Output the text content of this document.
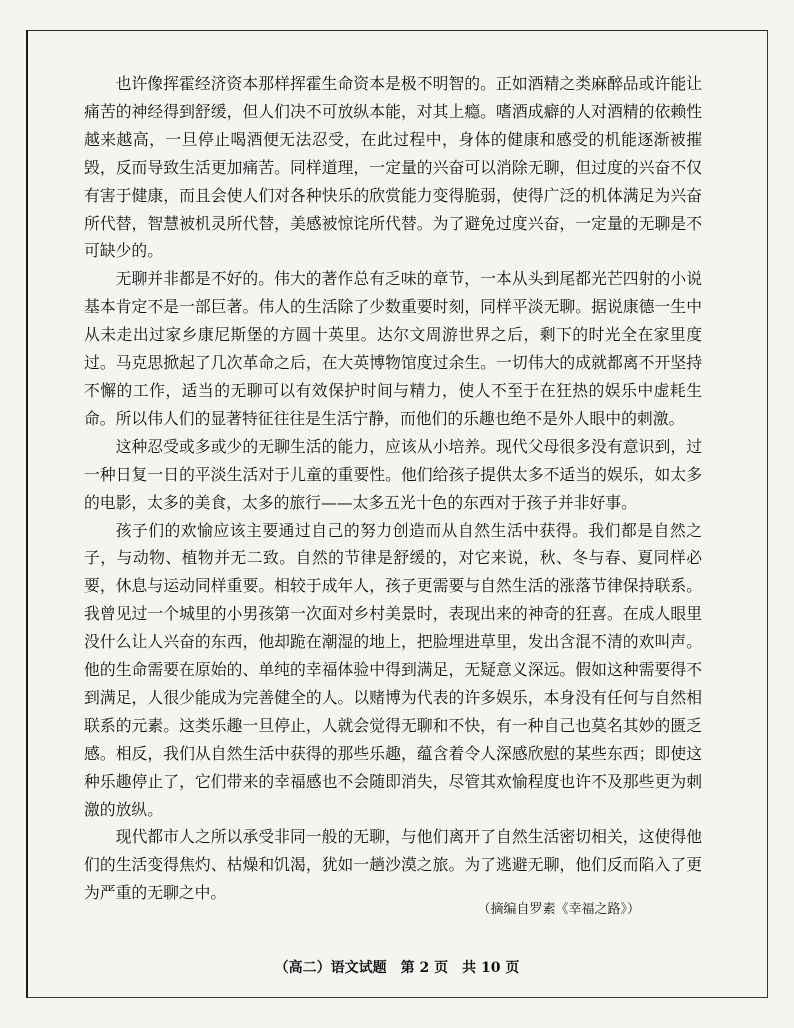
也许像挥霍经济资本那样挥霍生命资本是极不明智的。正如酒精之类麻醉品或许能让痛苦的神经得到舒缓，但人们决不可放纵本能，对其上瘾。嗜酒成癖的人对酒精的依赖性越来越高，一旦停止喝酒便无法忍受，在此过程中，身体的健康和感受的机能逐渐被摧毁，反而导致生活更加痛苦。同样道理，一定量的兴奋可以消除无聊，但过度的兴奋不仅有害于健康，而且会使人们对各种快乐的欣赏能力变得脆弱，使得广泛的机体满足为兴奋所代替，智慧被机灵所代替，美感被惊诧所代替。为了避免过度兴奋，一定量的无聊是不可缺少的。

无聊并非都是不好的。伟大的著作总有乏味的章节，一本从头到尾都光芒四射的小说基本肯定不是一部巨著。伟人的生活除了少数重要时刻，同样平淡无聊。据说康德一生中从未走出过家乡康尼斯堡的方圆十英里。达尔文周游世界之后，剩下的时光全在家里度过。马克思掀起了几次革命之后，在大英博物馆度过余生。一切伟大的成就都离不开坚持不懈的工作，适当的无聊可以有效保护时间与精力，使人不至于在狂热的娱乐中虚耗生命。所以伟人们的显著特征往往是生活宁静，而他们的乐趣也绝不是外人眼中的刺激。

这种忍受或多或少的无聊生活的能力，应该从小培养。现代父母很多没有意识到，过一种日复一日的平淡生活对于儿童的重要性。他们给孩子提供太多不适当的娱乐，如太多的电影，太多的美食，太多的旅行——太多五光十色的东西对于孩子并非好事。

孩子们的欢愉应该主要通过自己的努力创造而从自然生活中获得。我们都是自然之子，与动物、植物并无二致。自然的节律是舒缓的，对它来说，秋、冬与春、夏同样必要，休息与运动同样重要。相较于成年人，孩子更需要与自然生活的涨落节律保持联系。我曾见过一个城里的小男孩第一次面对乡村美景时，表现出来的神奇的狂喜。在成人眼里没什么让人兴奋的东西，他却跪在潮湿的地上，把脸埋进草里，发出含混不清的欢叫声。他的生命需要在原始的、单纯的幸福体验中得到满足，无疑意义深远。假如这种需要得不到满足，人很少能成为完善健全的人。以赌博为代表的许多娱乐，本身没有任何与自然相联系的元素。这类乐趣一旦停止，人就会觉得无聊和不快，有一种自己也莫名其妙的匮乏感。相反，我们从自然生活中获得的那些乐趣，蕴含着令人深感欣慰的某些东西；即使这种乐趣停止了，它们带来的幸福感也不会随即消失，尽管其欢愉程度也许不及那些更为刺激的放纵。

现代都市人之所以承受非同一般的无聊，与他们离开了自然生活密切相关，这使得他们的生活变得焦灼、枯燥和饥渴，犹如一趟沙漠之旅。为了逃避无聊，他们反而陷入了更为严重的无聊之中。

（摘编自罗素《幸福之路》）
（高二）语文试题　第 2 页　共 10 页
